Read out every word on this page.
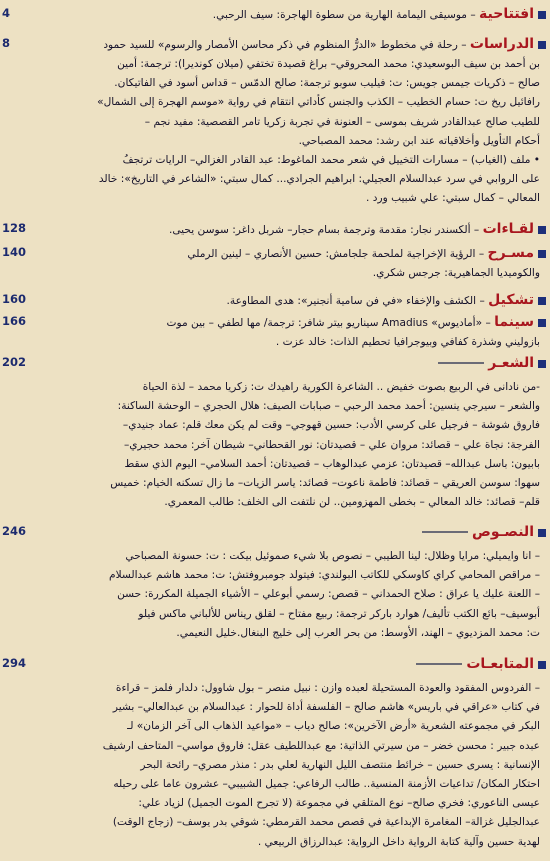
4	افتتاحية – موسيقى اليمامة الهارية من سطوة الهاجرة: سيف الرحبي.
8	الدراسات – رحلة في مخطوط «الدرُّ المنظوم في ذكر محاسن الأمصار والرسوم» للسيد حمود
بن أحمد بن سيف البوسعيدي: محمد المحروقي– براغ قصيدة تختفي (ميلان كونديرا): ترجمة: أمين
صالح – ذكريات جيمس جويس: ت: فيليب سوبو ترجمة: صالح الدمّس – قداس أسود في الفاتيكان.
رافائيل ريخ ت: حسام الخطيب – الكذب والجنس كأداتي انتقام في رواية «موسم الهجرة إلى الشمال»
للطيب صالح عبدالقادر شريف بموسى – العنونة في تجربة زكريا تامر القصصية: مفيد نجم –
أحكام التأويل وأخلاقياته عند ابن رشد: محمد المصباحي.
• ملف (الغياب) – مسارات التخييل في شعر محمد الماغوط: عبد القادر الغزالي– الرايات ترتجفُ
على الروابي في سرد عبدالسلام العجيلي: ابراهيم الجرادي... كمال سبتي: «الشاعر في التاريخ»: خالد
المعالي – كمال سبتي: علي شبيب ورد .
128	لقـاءات – ألكسندر نجار: مقدمة وترجمة بسام حجار– شربل داغر: سوسن يحيى.
140	مسـرح – الرؤية الإخراجية لملحمة جلجامش: حسين الأنصاري – لينين الرملي
والكوميديا الجماهيرية: جرجس شكري.
160	تشكيل – الكشف والإخفاء «في فن سامية أنجنير»: هدى المطاوعة.
166	سينما – «أماديوس» Amadius سيناريو بيتر شافر: ترجمة/ مها لطفي – بين موت
بازوليني وشذرة كفافي وبيوجرافيا تحطيم الذات: خالد عزت .
202	الشعـر
-من نادانى في الربيع بصوت خفيض .. الشاعرة الكورية راهيدك ت: زكريا محمد – لذة الحياة
والشعر – سيرجي ينسين: أحمد محمد الرحبي – صبابات الصيف: هلال الحجري – الوحشة الساكنة:
فاروق شوشة – فرجيل على كرسي الأدب: حسين قهوجي– وقت لم يكن معك قلم: عماد جنيدي–
الفرجة: نجاة علي – قصائد: مروان علي – قصيدتان: نور القحطاني– شيطان آخر: محمد حجيري–
بابيون: باسل عبدالله– قصيدتان: عزمي عبدالوهاب – قصيدتان: أحمد السلامي– اليوم الذي سقط
سهوا: سوسن العريقي – قصائد: فاطمة ناعوت– قصائد: ياسر الزيات– ما زال تسكنه الخيام: خميس
قلم– قصائد: خالد المعالي – بخطى المهزومين.. لن نلتفت الى الخلف: طالب المعمري.
246	النصـوص
– انا وايميلي: مرايا وظلال: لينا الطيبي – نصوص بلا شيء صموئيل بيكت : ت: حسونة المصباحي
– مراقص المحامي كراي كاوسكي للكاتب البولندي: فيتولد جومبروفتش: ت: محمد هاشم عبدالسلام
– اللعنة عليك يا عراق : صلاح الحمداني – قصص: رسمي أبوعلي – الأشياء الجميلة المكررة: حسن
أبوسيف– بائع الكتب تأليف/ هوارد باركر ترجمة: ربيع مفتاح – لقلق ريناس للألباني ماكس فيلو
ت: محمد المزديوي – الهند، الأوسط: من بحر العرب إلى خليج البنغال.خليل النعيمي.
294	المتابعـات
– الفردوس المفقود والعودة المستحيلة لعبده وازن : نبيل منصر – بول شاوول: دلدار فلمز – قراءة
في كتاب «عراقي في باريس» هاشم صالح – الفلسفة أداة للحوار : عبدالسلام بن عبدالعالي– بشير
البكر في مجموعته الشعرية «أرض الآخرين»: صالح دياب – «مواعيد الذهاب الى آخر الزمان» لـ
عبده جبير : محسن خضر – من سيرتي الذاتية: مع عبداللطيف عقل: فاروق مواسي– المتاحف ارشيف
الإنسانية : يسرى حسين – خرائط منتصف الليل النهارية لعلي بدر : منذر مصري– رائحة البحر
احتكار المكان/ تداعيات الأزمنة المنسية.. طالب الرفاعي: جميل الشبيبي– عشرون عاما على رحيله
عيسى الناعوري: فخري صالح– نوع المتلقي في مجموعة (لا تجرح الموت الجميل) لزياد علي:
عبدالجليل غزالة– المغامرة الإبداعية في قصص محمد القرمطي: شوقي بدر يوسف– (زجاج الوقت)
لهدية حسين وآلية كتابة الرواية داخل الرواية: عبدالرزاق الربيعي .
